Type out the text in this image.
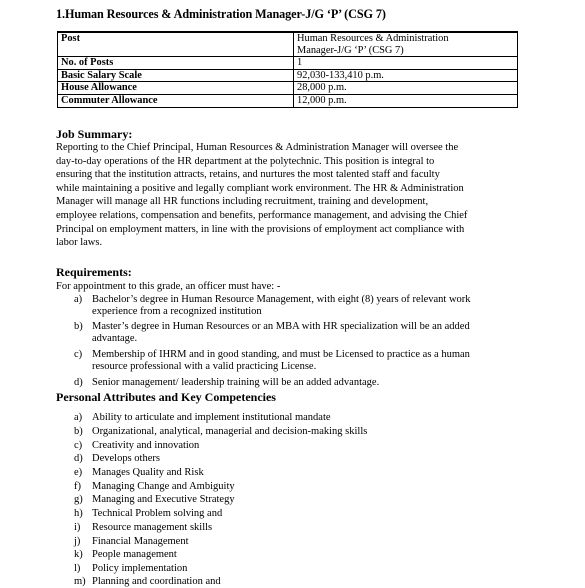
1.Human Resources & Administration Manager-J/G ‘P’ (CSG 7)
Post	Human Resources & Administration
Manager-J/G ‘P’ (CSG 7)
No. of Posts	1
Basic Salary Scale	92,030-133,410 p.m.
House Allowance	28,000 p.m.
Commuter Allowance	12,000 p.m.
Job Summary:
Reporting to the Chief Principal, Human Resources & Administration Manager will oversee the
day-to-day operations of the HR department at the polytechnic. This position is integral to
ensuring that the institution attracts, retains, and nurtures the most talented staff and faculty
while maintaining a positive and legally compliant work environment. The HR & Administration
Manager will manage all HR functions including recruitment, training and development,
employee relations, compensation and benefits, performance management, and advising the Chief
Principal on employment matters, in line with the provisions of employment act compliance with
labor laws.
Requirements:
For appointment to this grade, an officer must have: -
a) Bachelor’s degree in Human Resource Management, with eight (8) years of relevant work
experience from a recognized institution
b) Master’s degree in Human Resources or an MBA with HR specialization will be an added
advantage.
c) Membership of IHRM and in good standing, and must be Licensed to practice as a human
resource professional with a valid practicing License.
d) Senior management/ leadership training will be an added advantage.
Personal Attributes and Key Competencies
a) Ability to articulate and implement institutional mandate
b) Organizational, analytical, managerial and decision-making skills
c) Creativity and innovation
d) Develops others
e) Manages Quality and Risk
f) Managing Change and Ambiguity
g) Managing and Executive Strategy
h) Technical Problem solving and
i) Resource management skills
j) Financial Management
k) People management
l) Policy implementation
m) Planning and coordination and
